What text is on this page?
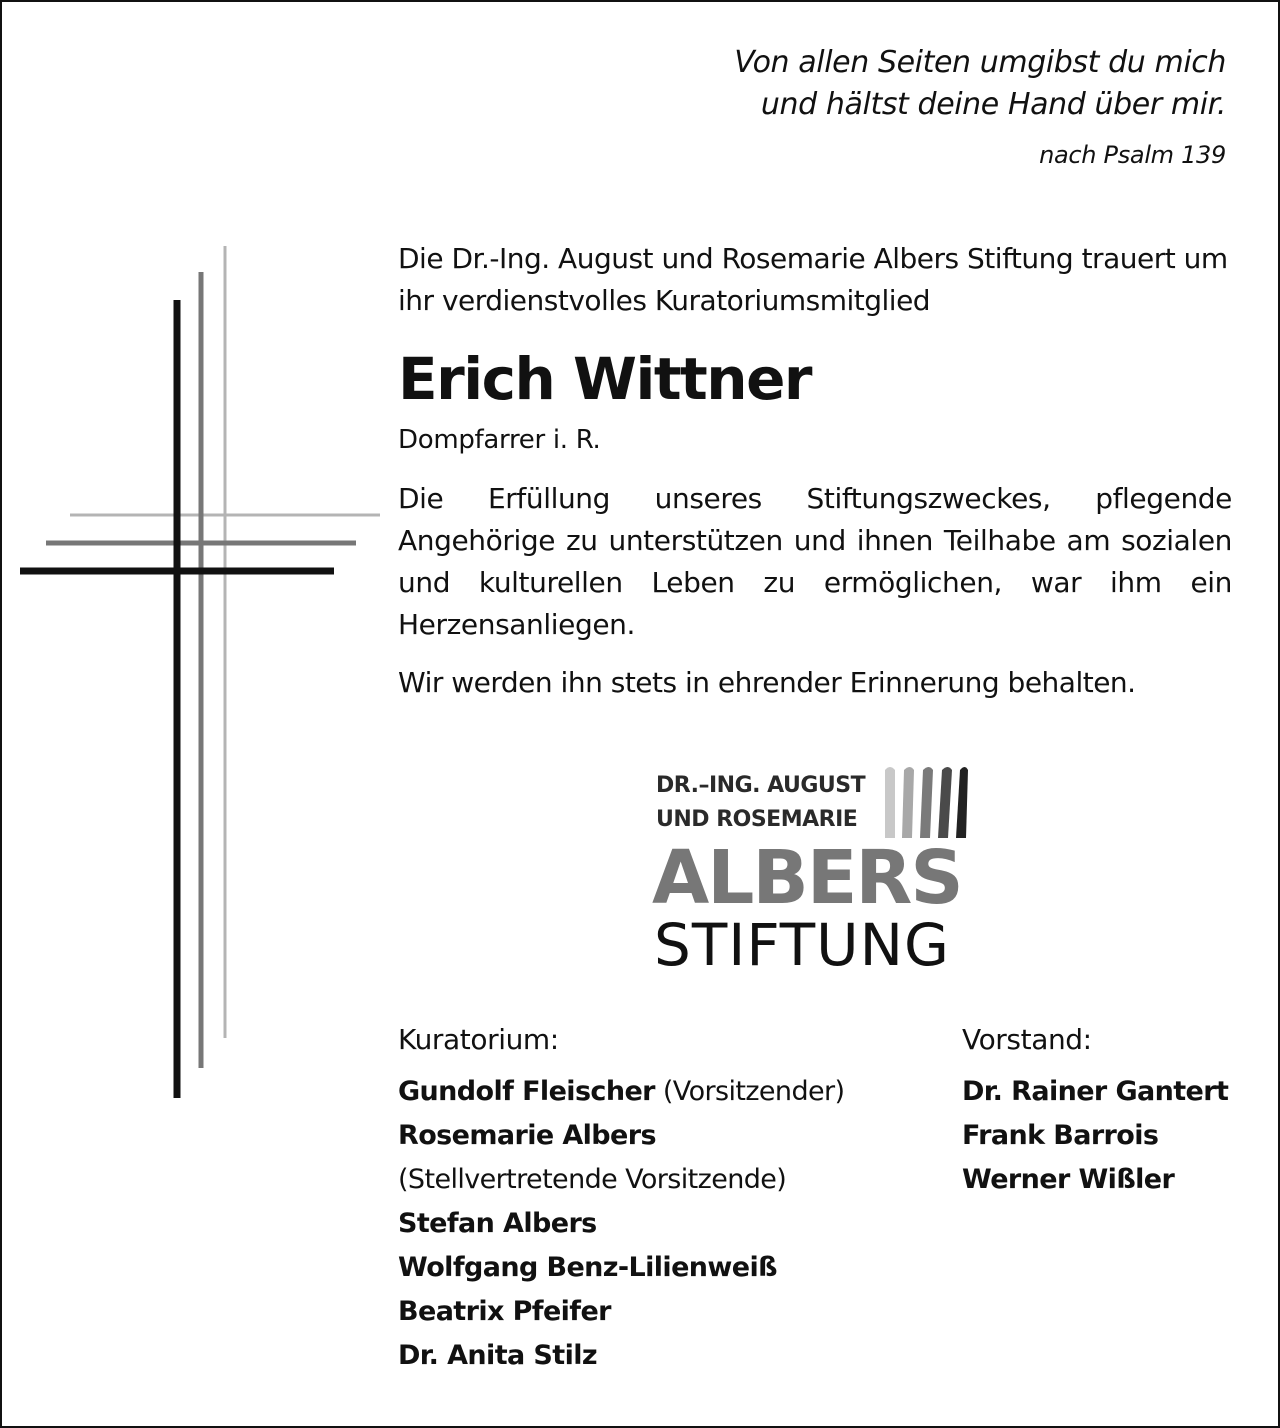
Von allen Seiten umgibst du mich
und hältst deine Hand über mir.
nach Psalm 139

Die Dr.-Ing. August und Rosemarie Albers Stiftung trauert um ihr verdienstvolles Kuratoriumsmitglied

Erich Wittner

Dompfarrer i. R.

Die Erfüllung unseres Stiftungszweckes, pflegende Angehörige zu unterstützen und ihnen Teilhabe am sozialen und kulturellen Leben zu ermöglichen, war ihm ein Herzensanliegen.

Wir werden ihn stets in ehrender Erinnerung behalten.

DR.–ING. AUGUST
UND ROSEMARIE
ALBERS
STIFTUNG
Kuratorium:
Gundolf Fleischer (Vorsitzender)
Rosemarie Albers
(Stellvertretende Vorsitzende)
Stefan Albers
Wolfgang Benz-Lilienweiß
Beatrix Pfeifer
Dr. Anita Stilz
Vorstand:
Dr. Rainer Gantert
Frank Barrois
Werner Wißler
